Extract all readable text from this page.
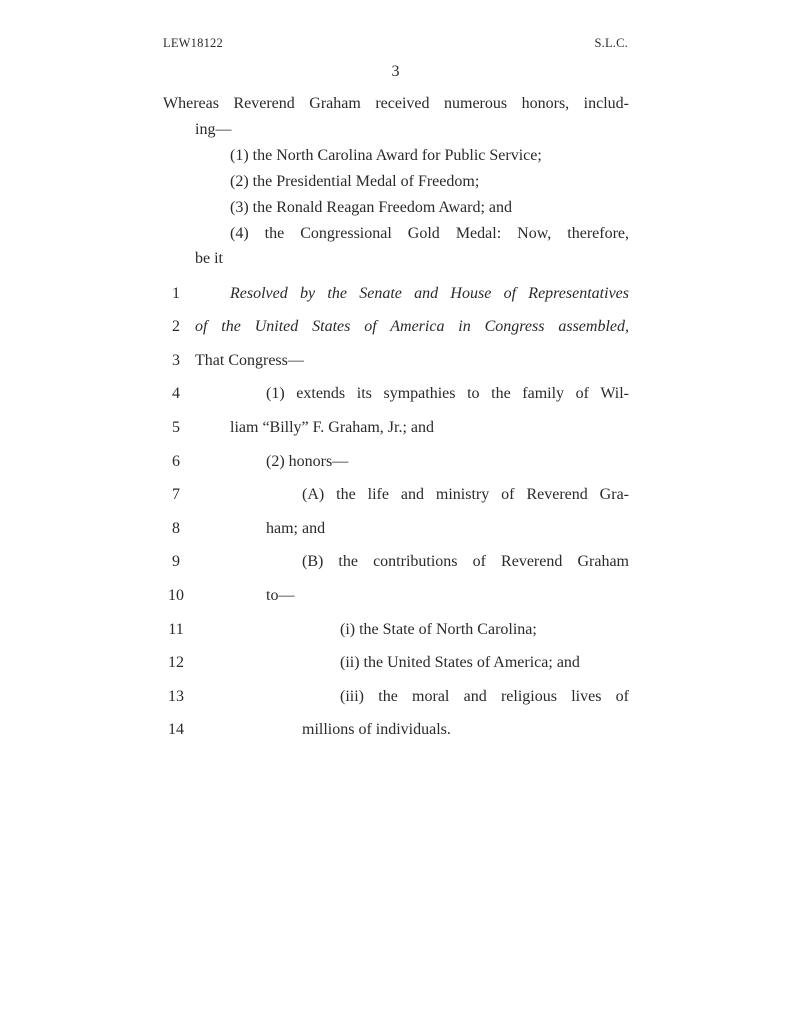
LEW18122	S.L.C.
3
Whereas Reverend Graham received numerous honors, includ-
ing—
(1) the North Carolina Award for Public Service;
(2) the Presidential Medal of Freedom;
(3) the Ronald Reagan Freedom Award; and
(4) the Congressional Gold Medal: Now, therefore,
be it
1	Resolved by the Senate and House of Representatives
2 of the United States of America in Congress assembled,
3 That Congress—
4	(1) extends its sympathies to the family of Wil-
5	liam “Billy” F. Graham, Jr.; and
6	(2) honors—
7	(A) the life and ministry of Reverend Gra-
8	ham; and
9	(B) the contributions of Reverend Graham
10	to—
11	(i) the State of North Carolina;
12	(ii) the United States of America; and
13	(iii) the moral and religious lives of
14	millions of individuals.
